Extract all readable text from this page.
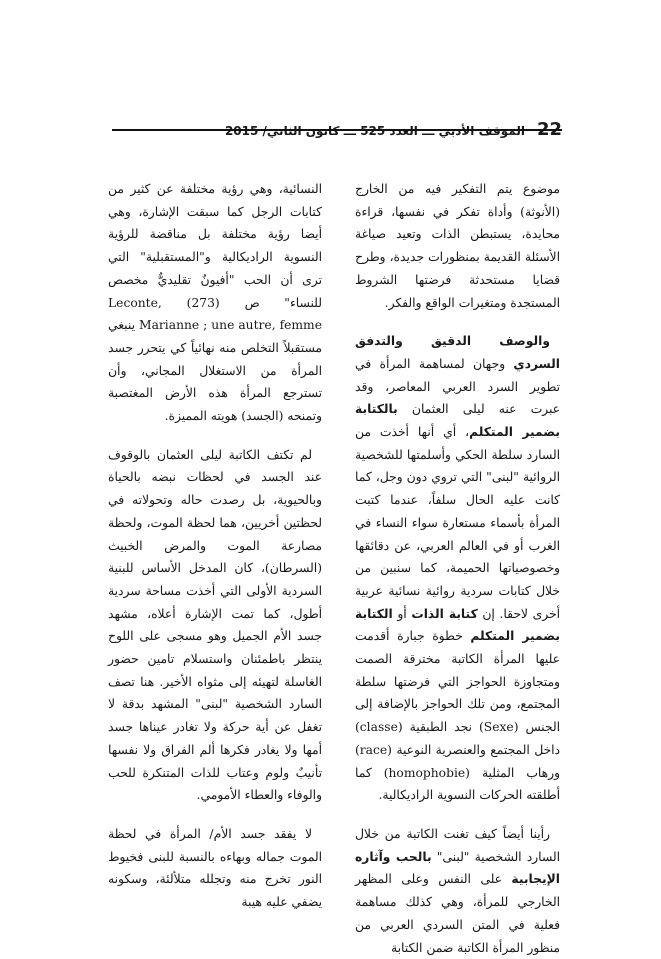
22
الموقف الأدبي ـــ العدد 525 ـــ كانون الثاني/ 2015

موضوع يتم التفكير فيه من الخارج (الأنوثة) وأداة تفكر في نفسها، قراءة محايدة، يستبطن الذات وتعيد صياغة الأسئلة القديمة بمنظورات جديدة، وطرح قضايا مستحدثة فرضتها الشروط المستجدة ومتغيرات الواقع والفكر.

والوصف الدقيق والتدفق السردي وجهان لمساهمة المرأة في تطوير السرد العربي المعاصر، وقد عبرت عنه ليلى العثمان بالكتابة بضمير المتكلم، أي أنها أخذت من السارد سلطة الحكي وأسلمتها للشخصية الروائية "لبنى" التي تروي دون وجل، كما كانت عليه الحال سلفاً، عندما كتبت المرأة بأسماء مستعارة سواء النساء في الغرب أو في العالم العربي، عن دقائقها وخصوصياتها الحميمة، كما سنبين من خلال كتابات سردية روائية نسائية عربية أخرى لاحقا. إن كتابة الذات أو الكتابة بضمير المتكلم خطوة جبارة أقدمت عليها المرأة الكاتبة مخترقة الصمت ومتجاوزة الحواجز التي فرضتها سلطة المجتمع، ومن تلك الحواجز بالإضافة إلى الجنس (Sexe) نجد الطبقية (classe) داخل المجتمع والعنصرية النوعية (race) ورهاب المثلية (homophobie) كما أطلقته الحركات النسوية الراديكالية.

رأينا أيضاً كيف تغنت الكاتبة من خلال السارد الشخصية "لبنى" بالحب وآثاره الإيجابية على النفس وعلى المظهر الخارجي للمرأة، وهي كذلك مساهمة فعلية في المتن السردي العربي من منظور المرأة الكاتبة ضمن الكتابة

النسائية، وهي رؤية مختلفة عن كثير من كتابات الرجل كما سبقت الإشارة، وهي أيضا رؤية مختلفة بل مناقضة للرؤية النسوية الراديكالية و"المستقبلية" التي ترى أن الحب "أفيونٌ تقليديٌّ مخصص للنساء" ص (273) Leconte, Marianne ; une autre, femme ينبغي مستقبلاً التخلص منه نهائياً كي يتحرر جسد المرأة من الاستغلال المجاني، وأن تسترجع المرأة هذه الأرض المغتصبة وتمنحه (الجسد) هويته المميزة.

لم تكتف الكاتبة ليلى العثمان بالوقوف عند الجسد في لحظات نبضه بالحياة وبالحيوية، بل رصدت حاله وتحولاته في لحظتين أخريين، هما لحظة الموت، ولحظة مصارعة الموت والمرض الخبيث (السرطان)، كان المدخل الأساس للبنية السردية الأولى التي أخذت مساحة سردية أطول، كما تمت الإشارة أعلاه، مشهد جسد الأم الجميل وهو مسجى على اللوح ينتظر باطمئنان واستسلام تامين حضور الغاسلة لتهيئه إلى مثواه الأخير. هنا تصف السارد الشخصية "لبنى" المشهد بدقة لا تغفل عن أية حركة ولا تغادر عيناها جسد أمها ولا يغادر فكرها ألم الفراق ولا نفسها تأنيبٌ ولوم وعتاب للذات المتنكرة للحب والوفاء والعطاء الأمومي.

لا يفقد جسد الأم/ المرأة في لحظة الموت جماله وبهاءه بالنسبة للبنى فخيوط النور تخرج منه وتجلله متلألئة، وسكونه يضفي عليه هيبة
